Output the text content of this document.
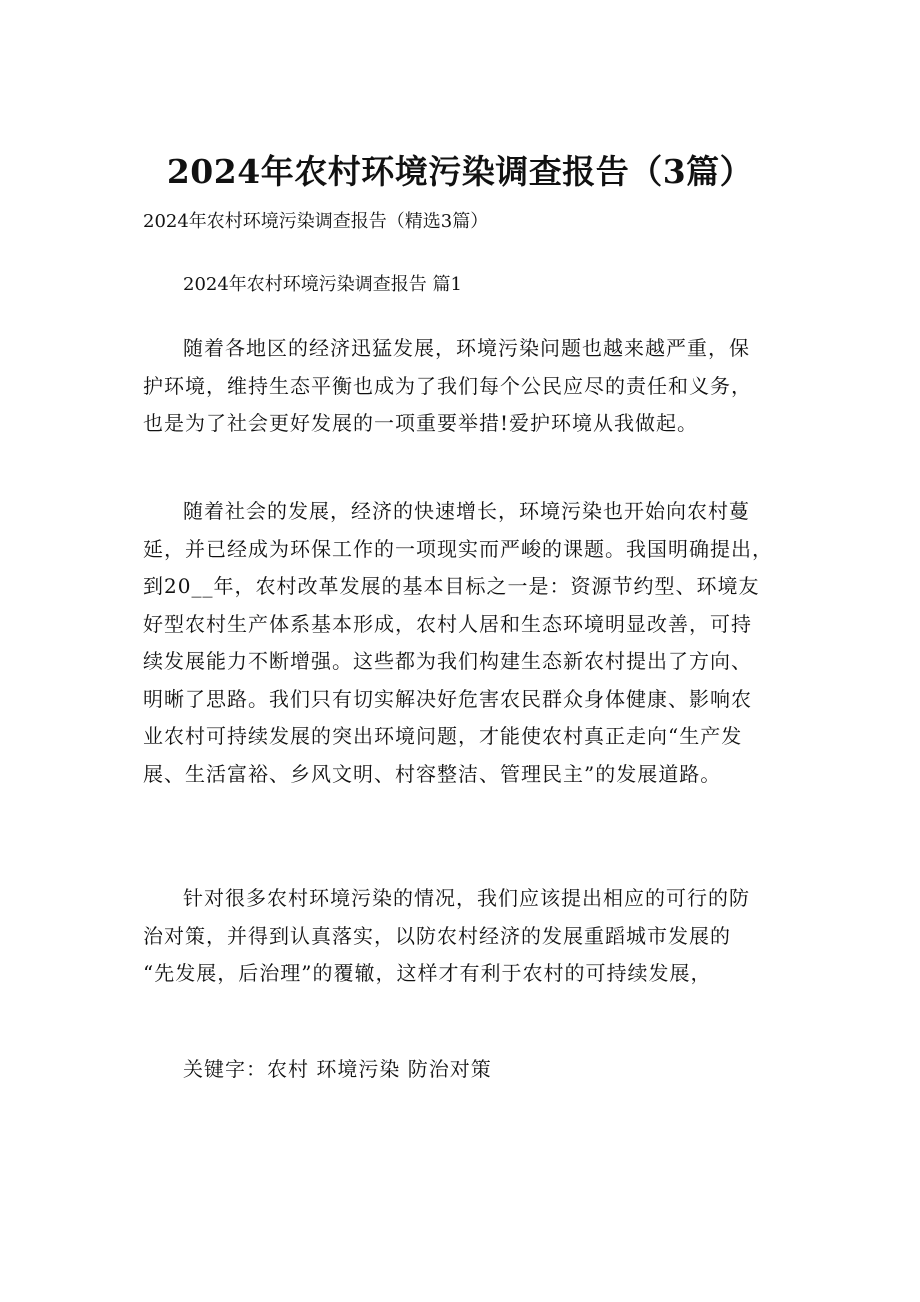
2024年农村环境污染调查报告（3篇）
2024年农村环境污染调查报告（精选3篇）
2024年农村环境污染调查报告 篇1
随着各地区的经济迅猛发展，环境污染问题也越来越严重，保
护环境，维持生态平衡也成为了我们每个公民应尽的责任和义务，
也是为了社会更好发展的一项重要举措!爱护环境从我做起。
随着社会的发展，经济的快速增长，环境污染也开始向农村蔓
延，并已经成为环保工作的一项现实而严峻的课题。我国明确提出，
到20__年，农村改革发展的基本目标之一是：资源节约型、环境友
好型农村生产体系基本形成，农村人居和生态环境明显改善，可持
续发展能力不断增强。这些都为我们构建生态新农村提出了方向、
明晰了思路。我们只有切实解决好危害农民群众身体健康、影响农
业农村可持续发展的突出环境问题，才能使农村真正走向“生产发
展、生活富裕、乡风文明、村容整洁、管理民主”的发展道路。
针对很多农村环境污染的情况，我们应该提出相应的可行的防
治对策，并得到认真落实，以防农村经济的发展重蹈城市发展的
“先发展，后治理”的覆辙，这样才有利于农村的可持续发展，
关键字：农村 环境污染 防治对策
